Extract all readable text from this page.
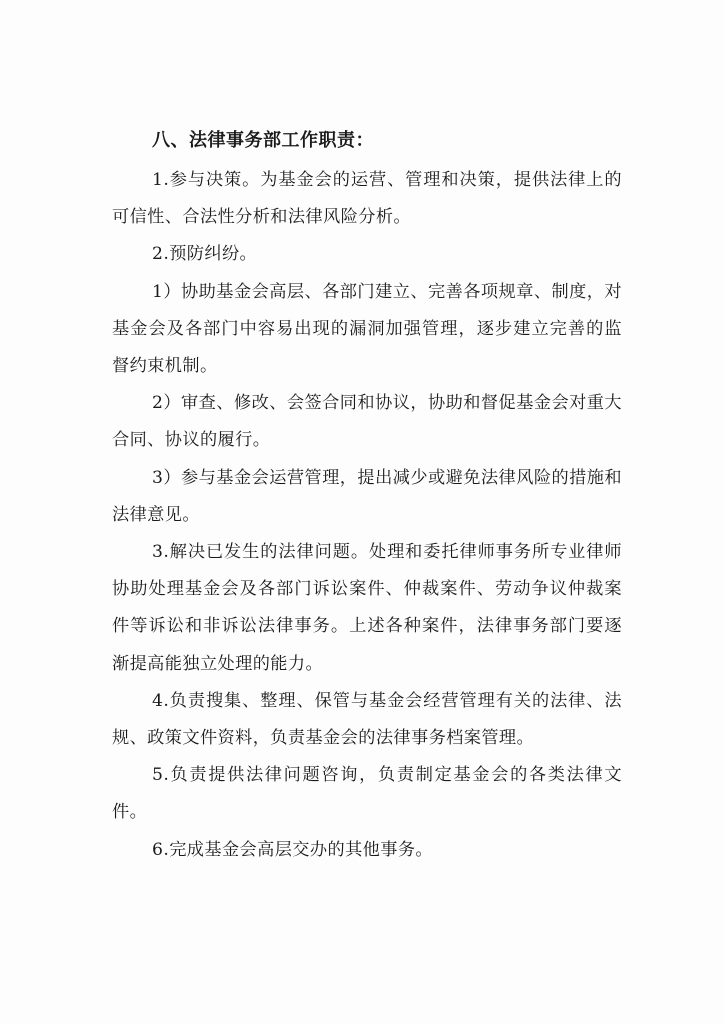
八、法律事务部工作职责：

1.参与决策。为基金会的运营、管理和决策，提供法律上的可信性、合法性分析和法律风险分析。

2.预防纠纷。

1）协助基金会高层、各部门建立、完善各项规章、制度，对基金会及各部门中容易出现的漏洞加强管理，逐步建立完善的监督约束机制。

2）审查、修改、会签合同和协议，协助和督促基金会对重大合同、协议的履行。

3）参与基金会运营管理，提出减少或避免法律风险的措施和法律意见。

3.解决已发生的法律问题。处理和委托律师事务所专业律师协助处理基金会及各部门诉讼案件、仲裁案件、劳动争议仲裁案件等诉讼和非诉讼法律事务。上述各种案件，法律事务部门要逐渐提高能独立处理的能力。

4.负责搜集、整理、保管与基金会经营管理有关的法律、法规、政策文件资料，负责基金会的法律事务档案管理。

5.负责提供法律问题咨询，负责制定基金会的各类法律文件。

6.完成基金会高层交办的其他事务。
